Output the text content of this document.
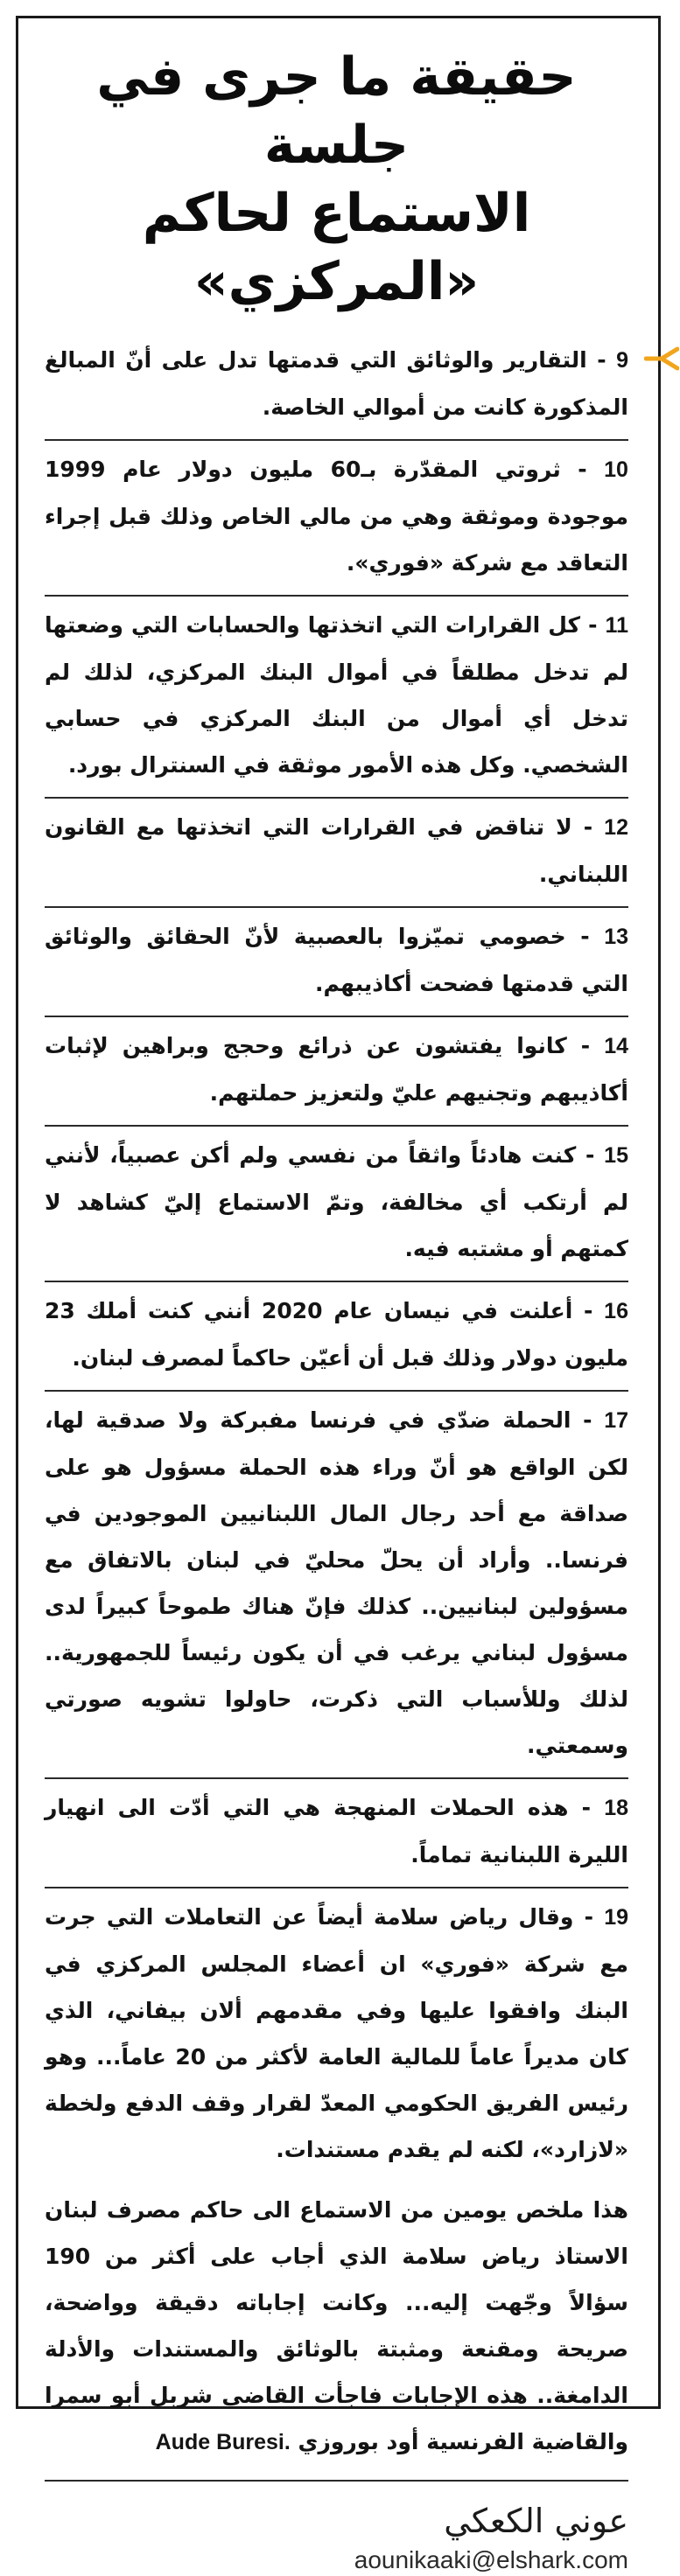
حقيقة ما جرى في جلسة
الاستماع لحاكم «المركزي»
9 - التقارير والوثائق التي قدمتها تدل على أنّ المبالغ المذكورة كانت من أموالي الخاصة.
10 - ثروتي المقدّرة بـ60 مليون دولار عام 1999 موجودة وموثقة وهي من مالي الخاص وذلك قبل إجراء التعاقد مع شركة «فوري».
11 - كل القرارات التي اتخذتها والحسابات التي وضعتها لم تدخل مطلقاً في أموال البنك المركزي، لذلك لم تدخل أي أموال من البنك المركزي في حسابي الشخصي. وكل هذه الأمور موثقة في السنترال بورد.
12 - لا تناقض في القرارات التي اتخذتها مع القانون اللبناني.
13 - خصومي تميّزوا بالعصبية لأنّ الحقائق والوثائق التي قدمتها فضحت أكاذيبهم.
14 - كانوا يفتشون عن ذرائع وحجج وبراهين لإثبات أكاذيبهم وتجنيهم عليّ ولتعزيز حملتهم.
15 - كنت هادئاً واثقاً من نفسي ولم أكن عصبياً، لأنني لم أرتكب أي مخالفة، وتمّ الاستماع إليّ كشاهد لا كمتهم أو مشتبه فيه.
16 - أعلنت في نيسان عام 2020 أنني كنت أملك 23 مليون دولار وذلك قبل أن أعيّن حاكماً لمصرف لبنان.
17 - الحملة ضدّي في فرنسا مفبركة ولا صدقية لها، لكن الواقع هو أنّ وراء هذه الحملة مسؤول هو على صداقة مع أحد رجال المال اللبنانيين الموجودين في فرنسا.. وأراد أن يحلّ محليّ في لبنان بالاتفاق مع مسؤولين لبنانيين.. كذلك فإنّ هناك طموحاً كبيراً لدى مسؤول لبناني يرغب في أن يكون رئيساً للجمهورية.. لذلك وللأسباب التي ذكرت، حاولوا تشويه صورتي وسمعتي.
18 - هذه الحملات المنهجة هي التي أدّت الى انهيار الليرة اللبنانية تماماً.
19 - وقال رياض سلامة أيضاً عن التعاملات التي جرت مع شركة «فوري» ان أعضاء المجلس المركزي في البنك وافقوا عليها وفي مقدمهم ألان بيفاني، الذي كان مديراً عاماً للمالية العامة لأكثر من 20 عاماً... وهو رئيس الفريق الحكومي المعدّ لقرار وقف الدفع ولخطة «لازارد»، لكنه لم يقدم مستندات.
هذا ملخص يومين من الاستماع الى حاكم مصرف لبنان الاستاذ رياض سلامة الذي أجاب على أكثر من 190 سؤالاً وجّهت إليه... وكانت إجاباته دقيقة وواضحة، صريحة ومقنعة ومثبتة بالوثائق والمستندات والأدلة الدامغة.. هذه الإجابات فاجأت القاضي شربل أبو سمرا والقاضية الفرنسية أود بوروزي Aude Buresi.
عوني الكعكي
aounikaaki@elshark.com
